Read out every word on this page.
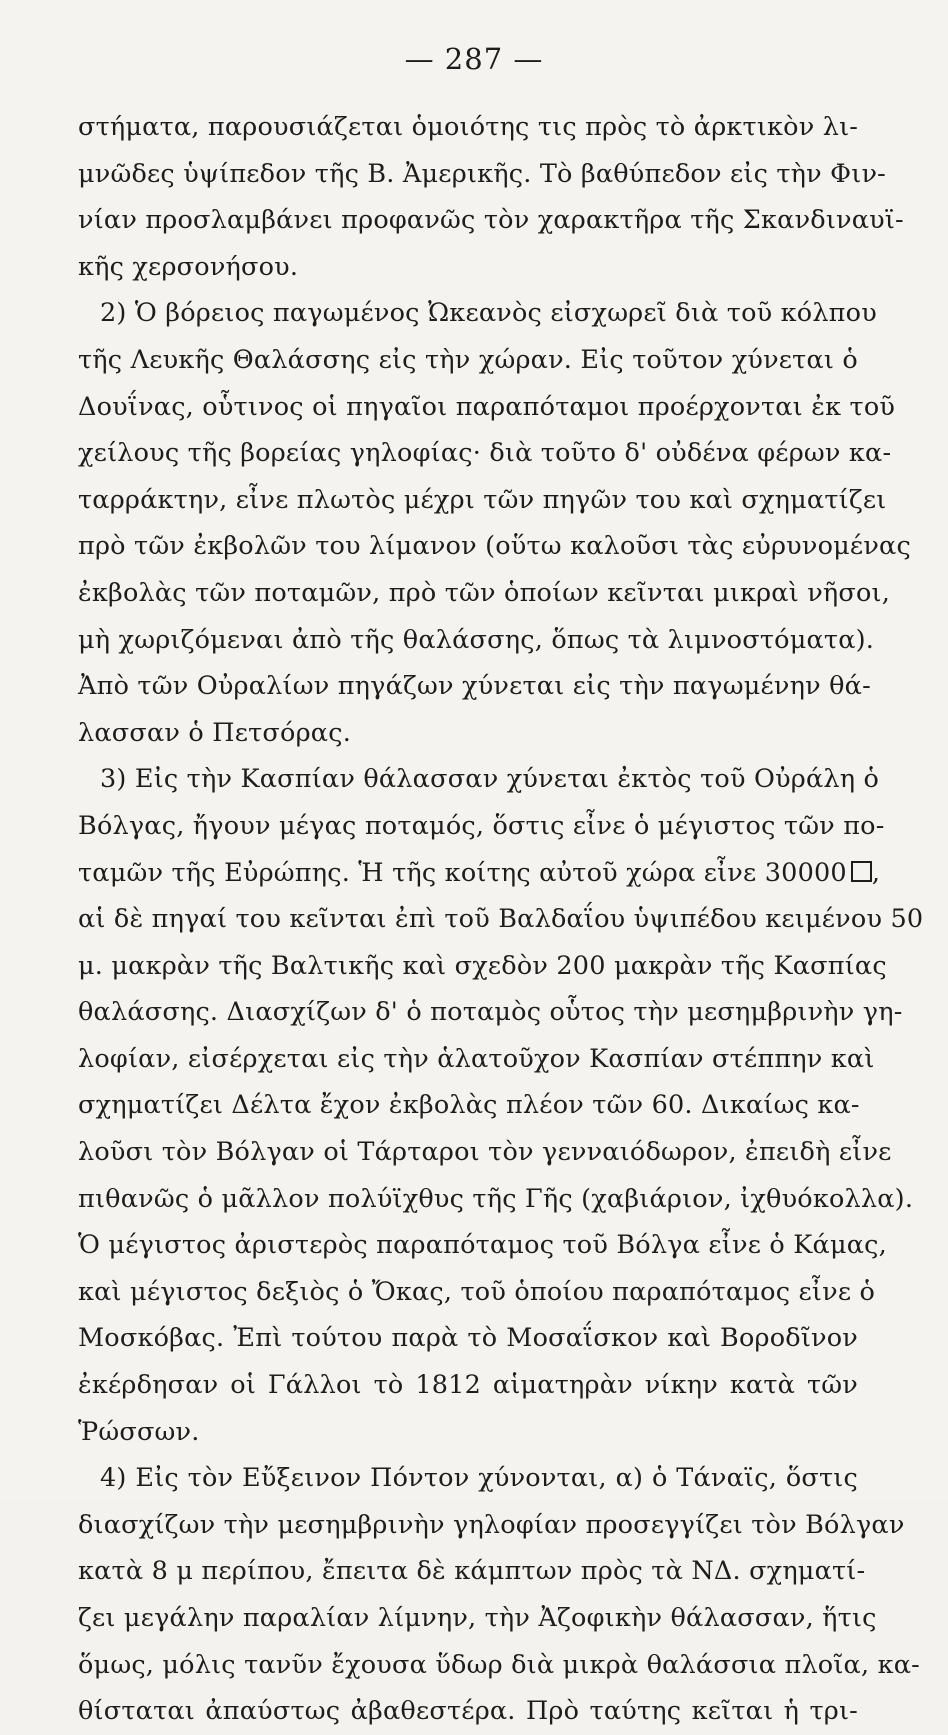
— 287 —
στήματα, παρουσιάζεται ὁμοιότης τις πρὸς τὸ ἀρκτικὸν λι-
μνῶδες ὑψίπεδον τῆς Β. Ἀμερικῆς. Τὸ βαθύπεδον εἰς τὴν Φιν-
νίαν προσλαμβάνει προφανῶς τὸν χαρακτῆρα τῆς Σκανδιναυϊ-
κῆς χερσονήσου.
2) Ὁ βόρειος παγωμένος Ὠκεανὸς εἰσχωρεῖ διὰ τοῦ κόλπου
τῆς Λευκῆς Θαλάσσης εἰς τὴν χώραν. Εἰς τοῦτον χύνεται ὁ
Δουΐνας, οὗτινος οἱ πηγαῖοι παραπόταμοι προέρχονται ἐκ τοῦ
χείλους τῆς βορείας γηλοφίας· διὰ τοῦτο δ' οὐδένα φέρων κα-
ταρράκτην, εἶνε πλωτὸς μέχρι τῶν πηγῶν του καὶ σχηματίζει
πρὸ τῶν ἐκβολῶν του λίμανον (οὕτω καλοῦσι τὰς εὐρυνομένας
ἐκβολὰς τῶν ποταμῶν, πρὸ τῶν ὁποίων κεῖνται μικραὶ νῆσοι,
μὴ χωριζόμεναι ἀπὸ τῆς θαλάσσης, ὅπως τὰ λιμνοστόματα).
Ἀπὸ τῶν Οὐραλίων πηγάζων χύνεται εἰς τὴν παγωμένην θά-
λασσαν ὁ Πετσόρας.
3) Εἰς τὴν Κασπίαν θάλασσαν χύνεται ἐκτὸς τοῦ Οὐράλη ὁ
Βόλγας, ἤγουν μέγας ποταμός, ὅστις εἶνε ὁ μέγιστος τῶν πο-
ταμῶν τῆς Εὐρώπης. Ἡ τῆς κοίτης αὐτοῦ χώρα εἶνε 30000 ,
αἱ δὲ πηγαί του κεῖνται ἐπὶ τοῦ Βαλδαΐου ὑψιπέδου κειμένου 50
μ. μακρὰν τῆς Βαλτικῆς καὶ σχεδὸν 200 μακρὰν τῆς Κασπίας
θαλάσσης. Διασχίζων δ' ὁ ποταμὸς οὗτος τὴν μεσημβρινὴν γη-
λοφίαν, εἰσέρχεται εἰς τὴν ἁλατοῦχον Κασπίαν στέππην καὶ
σχηματίζει Δέλτα ἔχον ἐκβολὰς πλέον τῶν 60. Δικαίως κα-
λοῦσι τὸν Βόλγαν οἱ Τάρταροι τὸν γενναιόδωρον, ἐπειδὴ εἶνε
πιθανῶς ὁ μᾶλλον πολύϊχθυς τῆς Γῆς (χαβιάριον, ἰχθυόκολλα).
Ὁ μέγιστος ἀριστερὸς παραπόταμος τοῦ Βόλγα εἶνε ὁ Κάμας,
καὶ μέγιστος δεξιὸς ὁ Ὄκας, τοῦ ὁποίου παραπόταμος εἶνε ὁ
Μοσκόβας. Ἐπὶ τούτου παρὰ τὸ Μοσαΐσκον καὶ Βοροδῖνον
ἐκέρδησαν οἱ Γάλλοι τὸ 1812 αἱματηρὰν νίκην κατὰ τῶν
Ῥώσσων.
4) Εἰς τὸν Εὔξεινον Πόντον χύνονται, α) ὁ Τάναϊς, ὅστις
διασχίζων τὴν μεσημβρινὴν γηλοφίαν προσεγγίζει τὸν Βόλγαν
κατὰ 8 μ περίπου, ἔπειτα δὲ κάμπτων πρὸς τὰ ΝΔ. σχηματί-
ζει μεγάλην παραλίαν λίμνην, τὴν Ἀζοφικὴν θάλασσαν, ἥτις
ὅμως, μόλις τανῦν ἔχουσα ὕδωρ διὰ μικρὰ θαλάσσια πλοῖα, κα-
θίσταται ἀπαύστως ἀβαθεστέρα. Πρὸ ταύτης κεῖται ἡ τρι-
